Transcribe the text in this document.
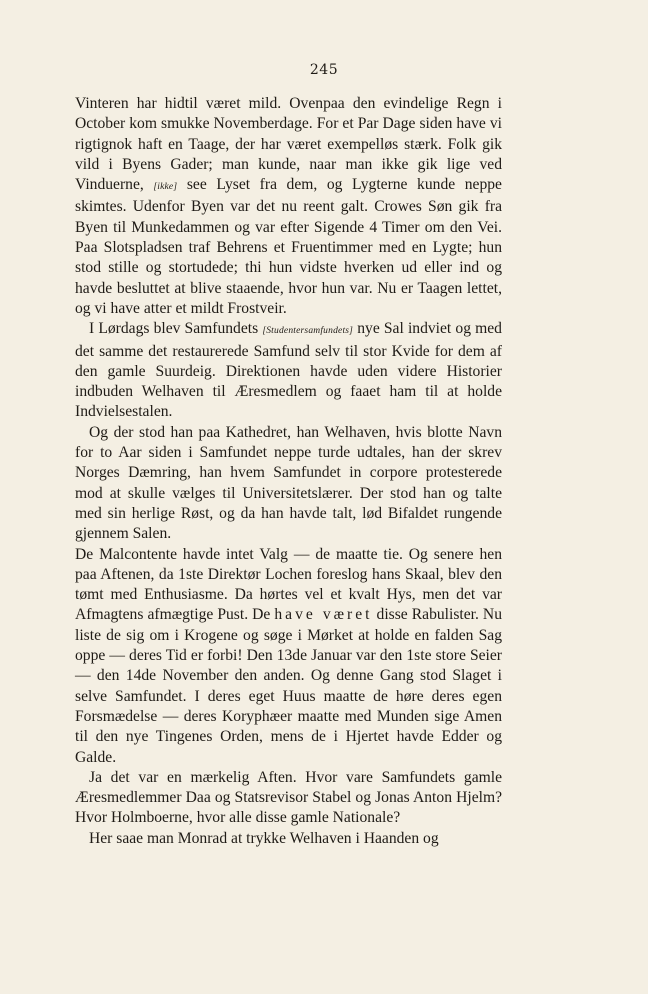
245

Vinteren har hidtil været mild. Ovenpaa den evindelige Regn i October kom smukke Novemberdage. For et Par Dage siden have vi rigtignok haft en Taage, der har været exempelløs stærk. Folk gik vild i Byens Gader; man kunde, naar man ikke gik lige ved Vinduerne, [ikke] see Lyset fra dem, og Lygterne kunde neppe skimtes. Udenfor Byen var det nu reent galt. Crowes Søn gik fra Byen til Munkedammen og var efter Sigende 4 Timer om den Vei. Paa Slotspladsen traf Behrens et Fruentimmer med en Lygte; hun stod stille og stortudede; thi hun vidste hverken ud eller ind og havde besluttet at blive staaende, hvor hun var. Nu er Taagen lettet, og vi have atter et mildt Frostveir.

I Lørdags blev Samfundets [Studentersamfundets] nye Sal indviet og med det samme det restaurerede Samfund selv til stor Kvide for dem af den gamle Suurdeig. Direktionen havde uden videre Historier indbuden Welhaven til Æresmedlem og faaet ham til at holde Indvielsestalen.

Og der stod han paa Kathedret, han Welhaven, hvis blotte Navn for to Aar siden i Samfundet neppe turde udtales, han der skrev Norges Dæmring, han hvem Samfundet in corpore protesterede mod at skulle vælges til Universitetslærer. Der stod han og talte med sin herlige Røst, og da han havde talt, lød Bifaldet rungende gjennem Salen.

De Malcontente havde intet Valg — de maatte tie. Og senere hen paa Aftenen, da 1ste Direktør Lochen foreslog hans Skaal, blev den tømt med Enthusiasme. Da hørtes vel et kvalt Hys, men det var Afmagtens afmægtige Pust. De have været disse Rabulister. Nu liste de sig om i Krogene og søge i Mørket at holde en falden Sag oppe — deres Tid er forbi! Den 13de Januar var den 1ste store Seier — den 14de November den anden. Og denne Gang stod Slaget i selve Samfundet. I deres eget Huus maatte de høre deres egen Forsmædelse — deres Koryphæer maatte med Munden sige Amen til den nye Tingenes Orden, mens de i Hjertet havde Edder og Galde.

Ja det var en mærkelig Aften. Hvor vare Samfundets gamle Æresmedlemmer Daa og Statsrevisor Stabel og Jonas Anton Hjelm? Hvor Holmboerne, hvor alle disse gamle Nationale?

Her saae man Monrad at trykke Welhaven i Haanden og
